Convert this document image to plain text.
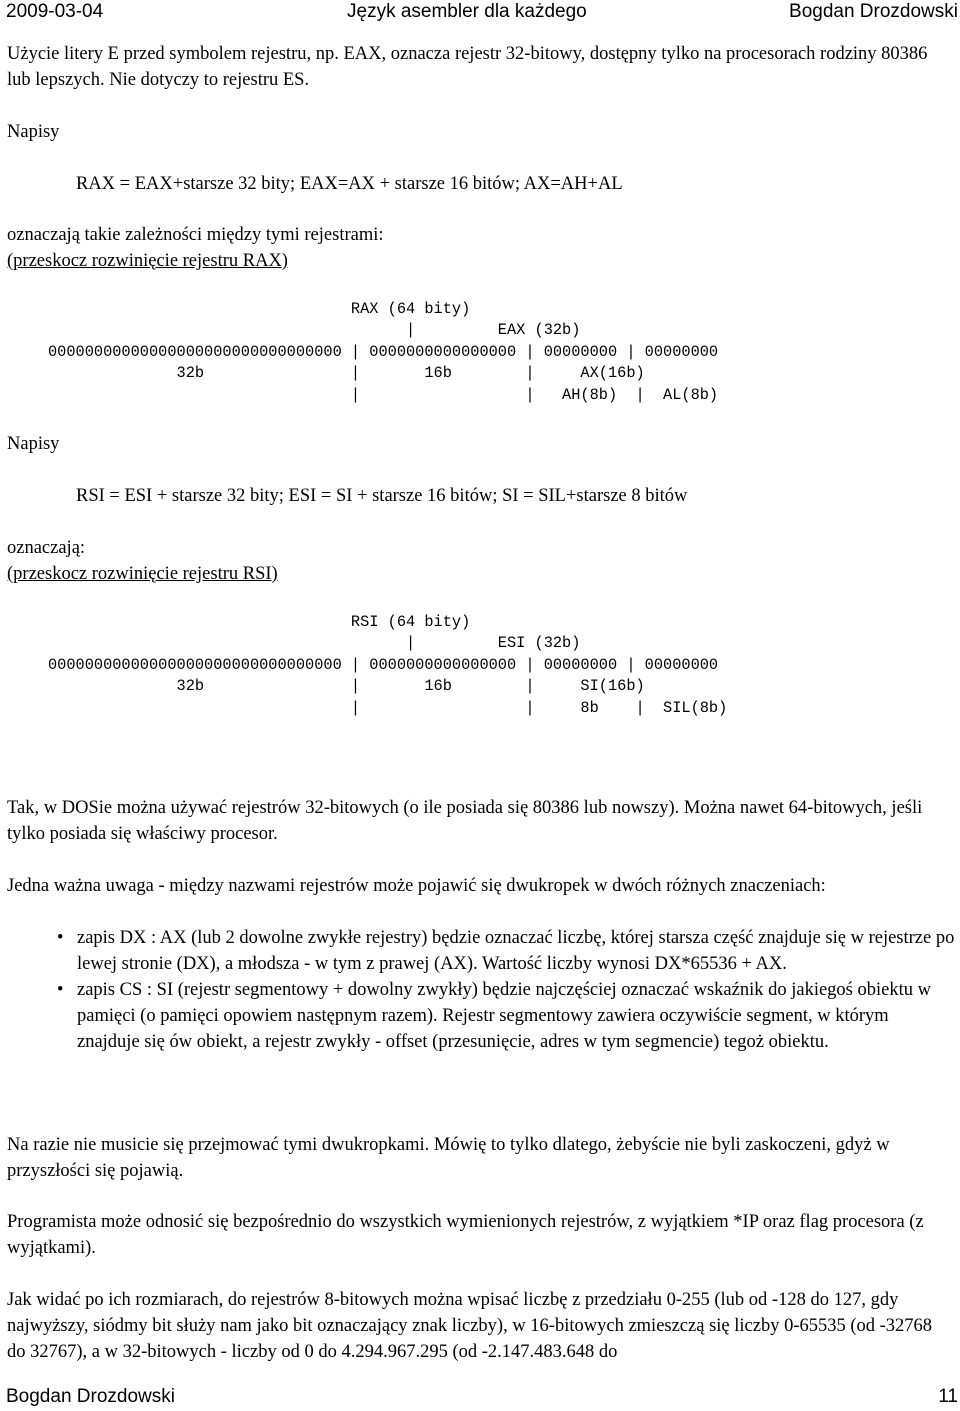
2009-03-04	Język asembler dla każdego	Bogdan Drozdowski

Użycie litery E przed symbolem rejestru, np. EAX, oznacza rejestr 32-bitowy, dostępny tylko na procesorach rodziny 80386 lub lepszych. Nie dotyczy to rejestru ES.

Napisy

RAX = EAX+starsze 32 bity; EAX=AX + starsze 16 bitów; AX=AH+AL

oznaczają takie zależności między tymi rejestrami:

(przeskocz rozwinięcie rejestru RAX)
RAX (64 bity)
|         EAX (32b)
00000000000000000000000000000000 | 0000000000000000 | 00000000 | 00000000
32b                |       16b        |     AX(16b)
|                  |   AH(8b)  |  AL(8b)

Napisy

RSI = ESI + starsze 32 bity; ESI = SI + starsze 16 bitów; SI = SIL+starsze 8 bitów

oznaczają:

(przeskocz rozwinięcie rejestru RSI)
RSI (64 bity)
|         ESI (32b)
00000000000000000000000000000000 | 0000000000000000 | 00000000 | 00000000
32b                |       16b        |     SI(16b)
|                  |     8b    |  SIL(8b)

Tak, w DOSie można używać rejestrów 32-bitowych (o ile posiada się 80386 lub nowszy). Można nawet 64-bitowych, jeśli tylko posiada się właściwy procesor.

Jedna ważna uwaga - między nazwami rejestrów może pojawić się dwukropek w dwóch różnych znaczeniach:

• zapis DX : AX (lub 2 dowolne zwykłe rejestry) będzie oznaczać liczbę, której starsza część znajduje się w rejestrze po lewej stronie (DX), a młodsza - w tym z prawej (AX). Wartość liczby wynosi DX*65536 + AX.
• zapis CS : SI (rejestr segmentowy + dowolny zwykły) będzie najczęściej oznaczać wskaźnik do jakiegoś obiektu w pamięci (o pamięci opowiem następnym razem). Rejestr segmentowy zawiera oczywiście segment, w którym znajduje się ów obiekt, a rejestr zwykły - offset (przesunięcie, adres w tym segmencie) tegoż obiektu.

Na razie nie musicie się przejmować tymi dwukropkami. Mówię to tylko dlatego, żebyście nie byli zaskoczeni, gdyż w przyszłości się pojawią.

Programista może odnosić się bezpośrednio do wszystkich wymienionych rejestrów, z wyjątkiem *IP oraz flag procesora (z wyjątkami).

Jak widać po ich rozmiarach, do rejestrów 8-bitowych można wpisać liczbę z przedziału 0-255 (lub od -128 do 127, gdy najwyższy, siódmy bit służy nam jako bit oznaczający znak liczby), w 16-bitowych zmieszczą się liczby 0-65535 (od -32768 do 32767), a w 32-bitowych - liczby od 0 do 4.294.967.295 (od -2.147.483.648 do

Bogdan Drozdowski	11
